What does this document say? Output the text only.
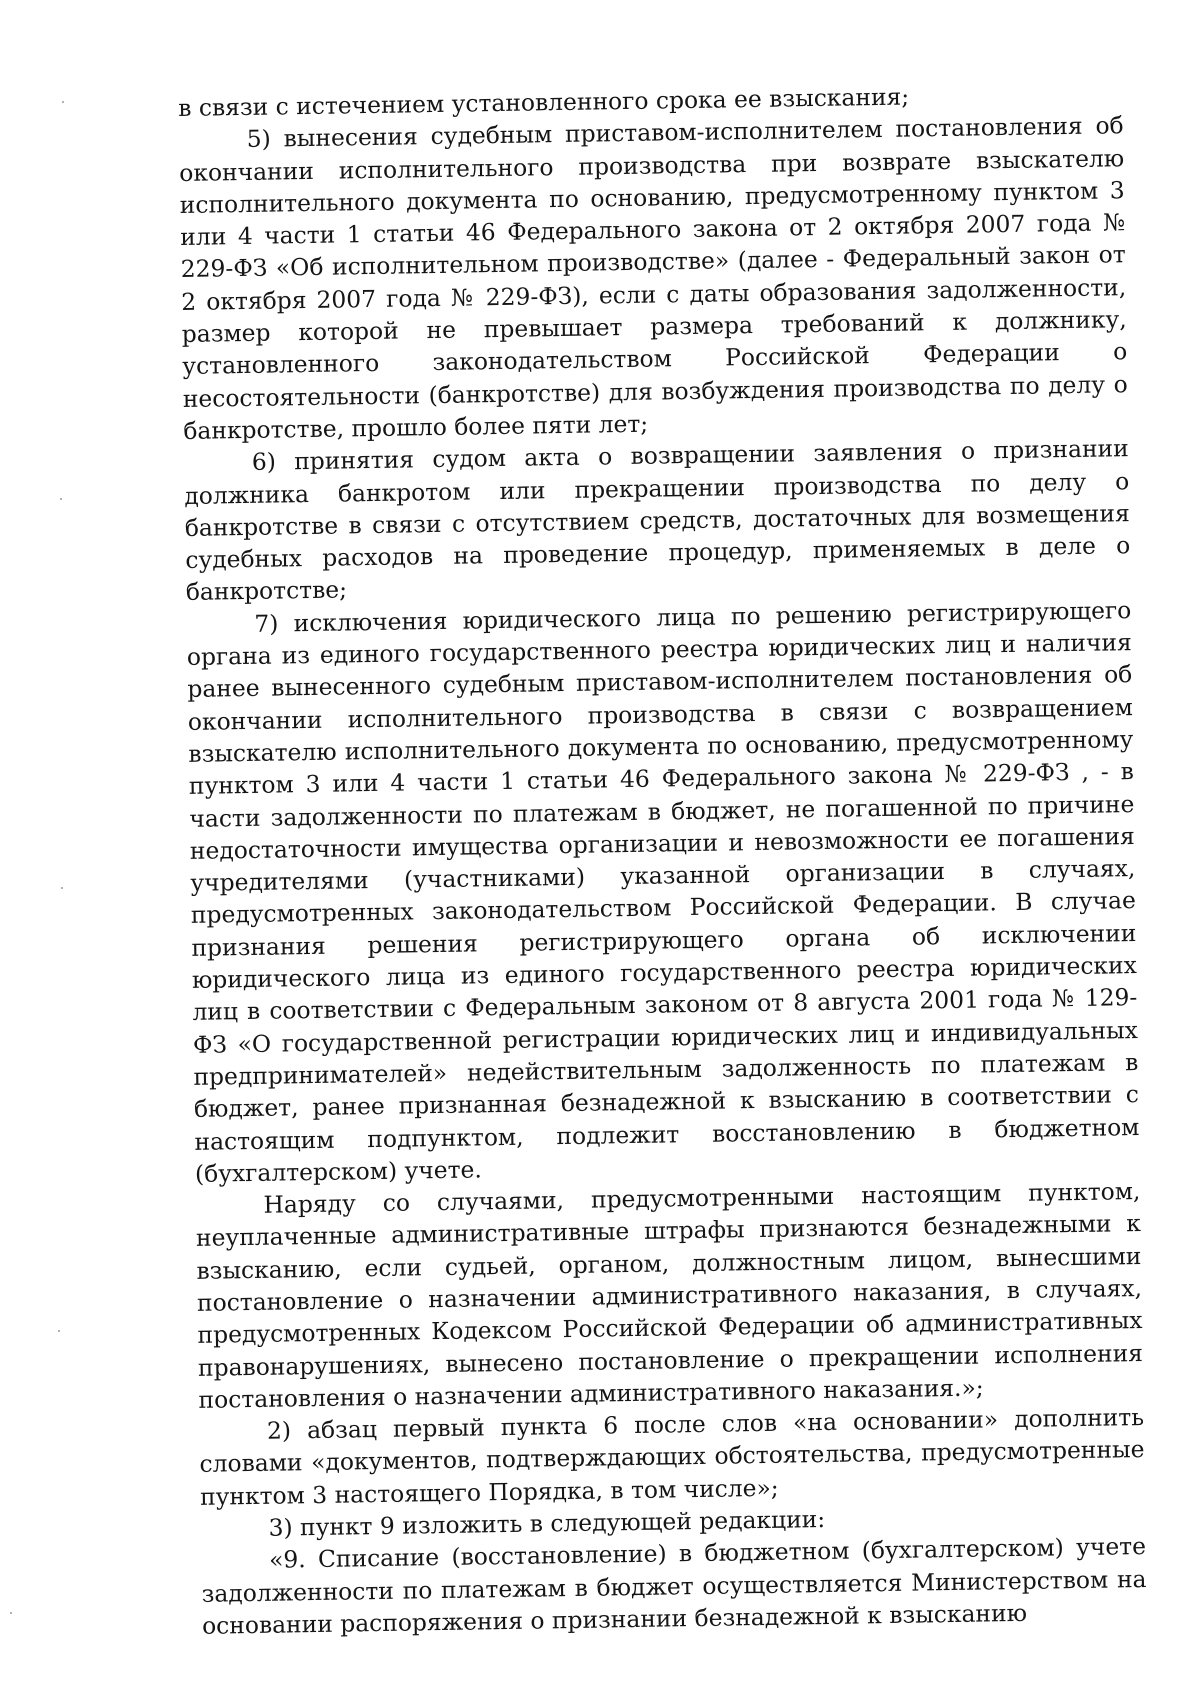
в связи с истечением установленного срока ее взыскания;

5) вынесения судебным приставом-исполнителем постановления об окончании исполнительного производства при возврате взыскателю исполнительного документа по основанию, предусмотренному пунктом 3 или 4 части 1 статьи 46 Федерального закона от 2 октября 2007 года № 229-ФЗ «Об исполнительном производстве» (далее - Федеральный закон от 2 октября 2007 года № 229-ФЗ), если с даты образования задолженности, размер которой не превышает размера требований к должнику, установленного законодательством Российской Федерации о несостоятельности (банкротстве) для возбуждения производства по делу о банкротстве, прошло более пяти лет;

6) принятия судом акта о возвращении заявления о признании должника банкротом или прекращении производства по делу о банкротстве в связи с отсутствием средств, достаточных для возмещения судебных расходов на проведение процедур, применяемых в деле о банкротстве;

7) исключения юридического лица по решению регистрирующего органа из единого государственного реестра юридических лиц и наличия ранее вынесенного судебным приставом-исполнителем постановления об окончании исполнительного производства в связи с возвращением взыскателю исполнительного документа по основанию, предусмотренному пунктом 3 или 4 части 1 статьи 46 Федерального закона № 229-ФЗ , - в части задолженности по платежам в бюджет, не погашенной по причине недостаточности имущества организации и невозможности ее погашения учредителями (участниками) указанной организации в случаях, предусмотренных законодательством Российской Федерации. В случае признания решения регистрирующего органа об исключении юридического лица из единого государственного реестра юридических лиц в соответствии с Федеральным законом от 8 августа 2001 года № 129-ФЗ «О государственной регистрации юридических лиц и индивидуальных предпринимателей» недействительным задолженность по платежам в бюджет, ранее признанная безнадежной к взысканию в соответствии с настоящим подпунктом, подлежит восстановлению в бюджетном (бухгалтерском) учете.

Наряду со случаями, предусмотренными настоящим пунктом, неуплаченные административные штрафы признаются безнадежными к взысканию, если судьей, органом, должностным лицом, вынесшими постановление о назначении административного наказания, в случаях, предусмотренных Кодексом Российской Федерации об административных правонарушениях, вынесено постановление о прекращении исполнения постановления о назначении административного наказания.»;

2) абзац первый пункта 6 после слов «на основании» дополнить словами «документов, подтверждающих обстоятельства, предусмотренные пунктом 3 настоящего Порядка, в том числе»;

3) пункт 9 изложить в следующей редакции:

«9. Списание (восстановление) в бюджетном (бухгалтерском) учете задолженности по платежам в бюджет осуществляется Министерством на основании распоряжения о признании безнадежной к взысканию
